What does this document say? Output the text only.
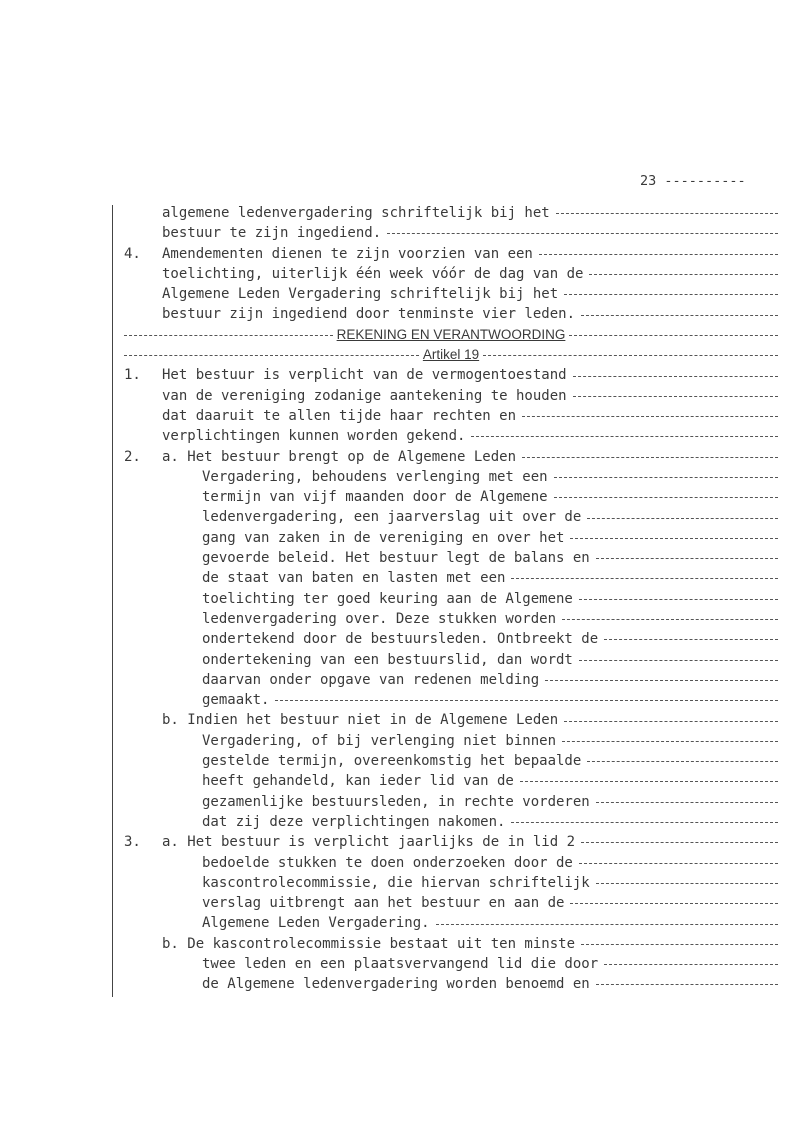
23 ----------
algemene ledenvergadering schriftelijk bij het
bestuur te zijn ingediend.
4. Amendementen dienen te zijn voorzien van een
toelichting, uiterlijk één week vóór de dag van de
Algemene Leden Vergadering schriftelijk bij het
bestuur zijn ingediend door tenminste vier leden.
REKENING EN VERANTWOORDING
Artikel 19
1. Het bestuur is verplicht van de vermogentoestand
van de vereniging zodanige aantekening te houden
dat daaruit te allen tijde haar rechten en
verplichtingen kunnen worden gekend.
2. a. Het bestuur brengt op de Algemene Leden
Vergadering, behoudens verlenging met een
termijn van vijf maanden door de Algemene
ledenvergadering, een jaarverslag uit over de
gang van zaken in de vereniging en over het
gevoerde beleid. Het bestuur legt de balans en
de staat van baten en lasten met een
toelichting ter goed keuring aan de Algemene
ledenvergadering over. Deze stukken worden
ondertekend door de bestuursleden. Ontbreekt de
ondertekening van een bestuurslid, dan wordt
daarvan onder opgave van redenen melding
gemaakt.
b. Indien het bestuur niet in de Algemene Leden
Vergadering, of bij verlenging niet binnen
gestelde termijn, overeenkomstig het bepaalde
heeft gehandeld, kan ieder lid van de
gezamenlijke bestuursleden, in rechte vorderen
dat zij deze verplichtingen nakomen.
3. a. Het bestuur is verplicht jaarlijks de in lid 2
bedoelde stukken te doen onderzoeken door de
kascontrolecommissie, die hiervan schriftelijk
verslag uitbrengt aan het bestuur en aan de
Algemene Leden Vergadering.
b. De kascontrolecommissie bestaat uit ten minste
twee leden en een plaatsvervangend lid die door
de Algemene ledenvergadering worden benoemd en
